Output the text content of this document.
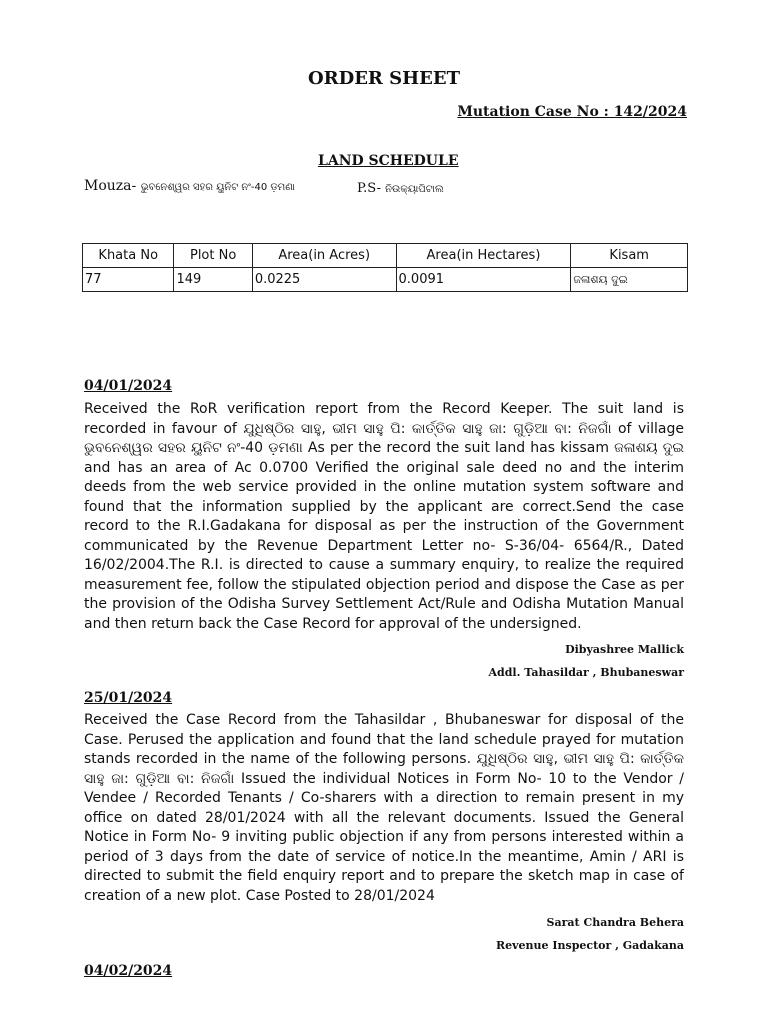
ORDER SHEET
Mutation Case No : 142/2024
LAND SCHEDULE
Mouza- ଭୁବନେଶ୍ୱର ସହର ୟୁନିଟ ନଂ-40 ଡ଼ମଣା	P.S- ନିଉକ୍ୟାପିଟାଲ
Khata No	Plot No	Area(in Acres)	Area(in Hectares)	Kisam
77	149	0.0225	0.0091	ଜଳାଶୟ ଦୁଇ
04/01/2024
Received the RoR verification report from the Record Keeper. The suit land is recorded in favour of ଯୁଧିଷ୍ଠିର ସାହୁ, ଭୀମ ସାହୁ ପି: କାର୍ତ୍ତିକ ସାହୁ ଜା: ଗୁଡ଼ିଆ ବା: ନିଜଗାଁ of village ଭୁବନେଶ୍ୱର ସହର ୟୁନିଟ ନଂ-40 ଡ଼ମଣା As per the record the suit land has kissam ଜଳାଶୟ ଦୁଇ and has an area of Ac 0.0700 Verified the original sale deed no and the interim deeds from the web service provided in the online mutation system software and found that the information supplied by the applicant are correct.Send the case record to the R.I.Gadakana for disposal as per the instruction of the Government communicated by the Revenue Department Letter no- S-36/04- 6564/R., Dated 16/02/2004.The R.I. is directed to cause a summary enquiry, to realize the required measurement fee, follow the stipulated objection period and dispose the Case as per the provision of the Odisha Survey Settlement Act/Rule and Odisha Mutation Manual and then return back the Case Record for approval of the undersigned.
Dibyashree Mallick
Addl. Tahasildar , Bhubaneswar
25/01/2024
Received the Case Record from the Tahasildar , Bhubaneswar for disposal of the Case. Perused the application and found that the land schedule prayed for mutation stands recorded in the name of the following persons. ଯୁଧିଷ୍ଠିର ସାହୁ, ଭୀମ ସାହୁ ପି: କାର୍ତ୍ତିକ ସାହୁ ଜା: ଗୁଡ଼ିଆ ବା: ନିଜଗାଁ Issued the individual Notices in Form No- 10 to the Vendor / Vendee / Recorded Tenants / Co-sharers with a direction to remain present in my office on dated 28/01/2024 with all the relevant documents. Issued the General Notice in Form No- 9 inviting public objection if any from persons interested within a period of 3 days from the date of service of notice.In the meantime, Amin / ARI is directed to submit the field enquiry report and to prepare the sketch map in case of creation of a new plot. Case Posted to 28/01/2024
Sarat Chandra Behera
Revenue Inspector , Gadakana
04/02/2024
